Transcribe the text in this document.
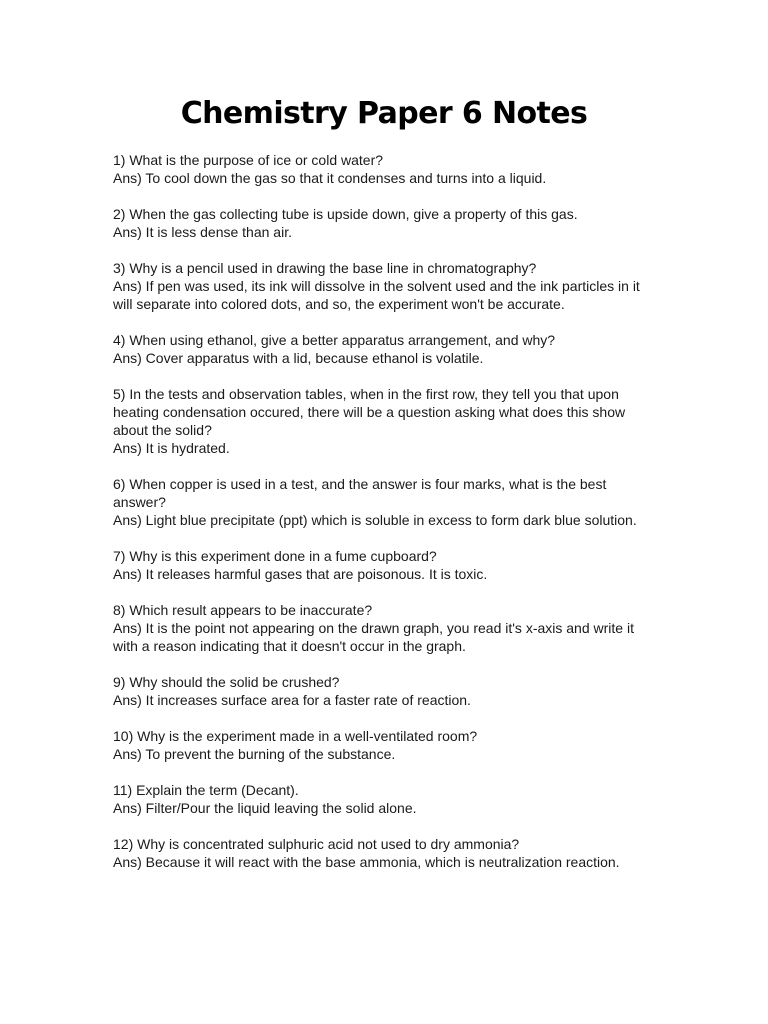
Chemistry Paper 6 Notes
1) What is the purpose of ice or cold water?
Ans) To cool down the gas so that it condenses and turns into a liquid.
2) When the gas collecting tube is upside down, give a property of this gas.
Ans) It is less dense than air.
3) Why is a pencil used in drawing the base line in chromatography?
Ans) If pen was used, its ink will dissolve in the solvent used and the ink particles in it will separate into colored dots, and so, the experiment won't be accurate.
4) When using ethanol, give a better apparatus arrangement, and why?
Ans) Cover apparatus with a lid, because ethanol is volatile.
5) In the tests and observation tables, when in the first row, they tell you that upon heating condensation occured, there will be a question asking what does this show about the solid?
Ans) It is hydrated.
6) When copper is used in a test, and the answer is four marks, what is the best answer?
Ans) Light blue precipitate (ppt) which is soluble in excess to form dark blue solution.
7) Why is this experiment done in a fume cupboard?
Ans) It releases harmful gases that are poisonous. It is toxic.
8) Which result appears to be inaccurate?
Ans) It is the point not appearing on the drawn graph, you read it's x-axis and write it with a reason indicating that it doesn't occur in the graph.
9) Why should the solid be crushed?
Ans) It increases surface area for a faster rate of reaction.
10) Why is the experiment made in a well-ventilated room?
Ans) To prevent the burning of the substance.
11) Explain the term (Decant).
Ans) Filter/Pour the liquid leaving the solid alone.
12) Why is concentrated sulphuric acid not used to dry ammonia?
Ans) Because it will react with the base ammonia, which is neutralization reaction.
